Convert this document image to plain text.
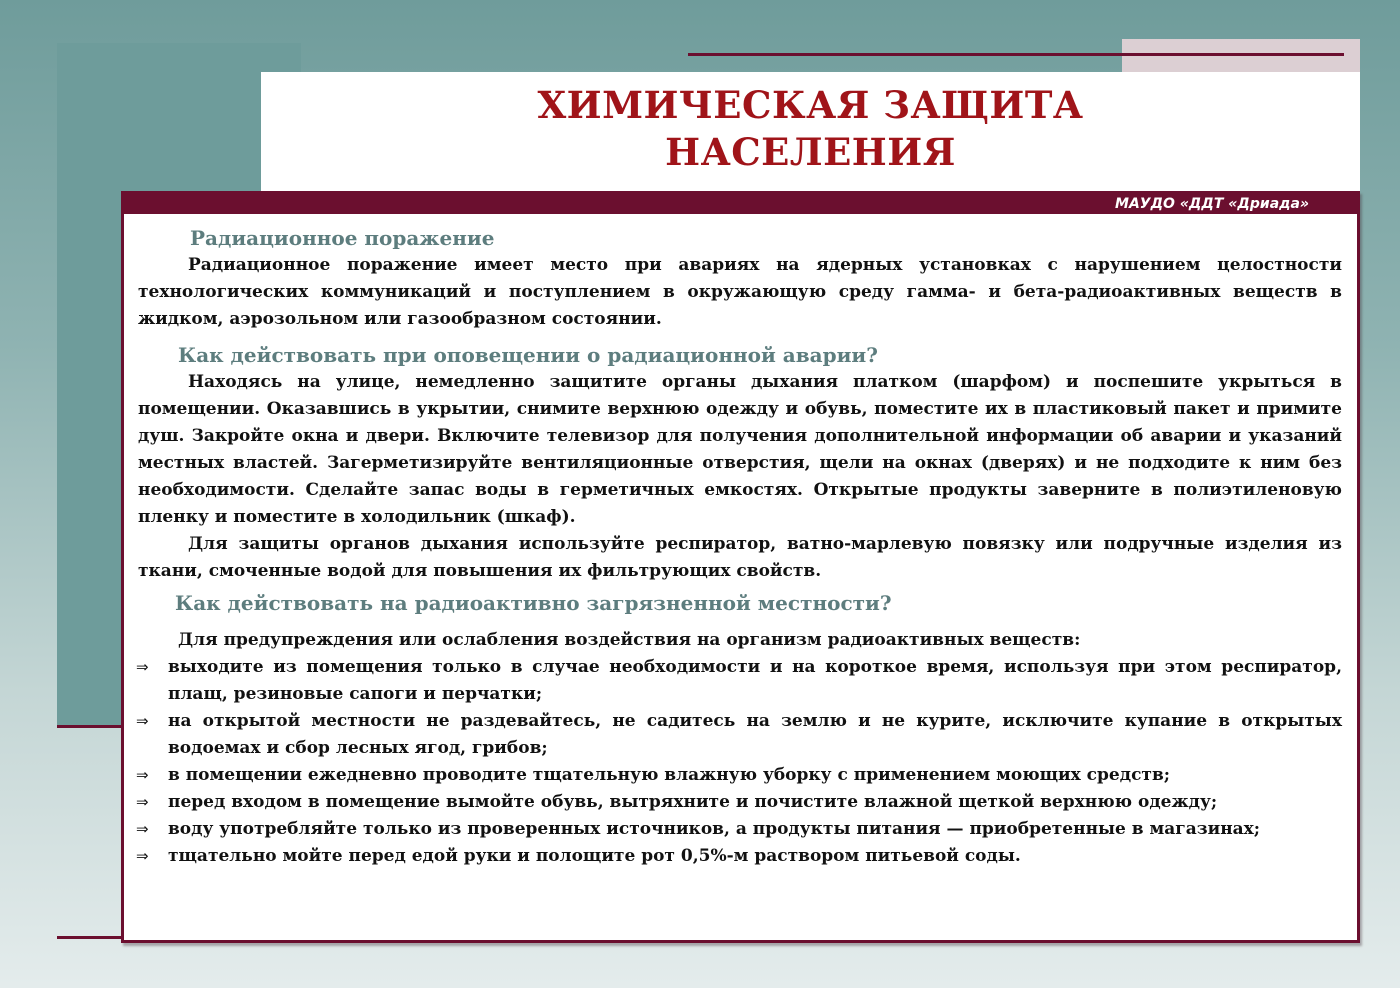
ХИМИЧЕСКАЯ ЗАЩИТА
НАСЕЛЕНИЯ
МАУДО «ДДТ «Дриада»
Радиационное поражение

Радиационное поражение имеет место при авариях на ядерных установках с нарушением целостности технологических коммуникаций и поступлением в окружающую среду гамма- и бета-радиоактивных веществ в жидком, аэрозольном или газообразном состоянии.

Как действовать при оповещении о радиационной аварии?

Находясь на улице, немедленно защитите органы дыхания платком (шарфом) и поспешите укрыться в помещении. Оказавшись в укрытии, снимите верхнюю одежду и обувь, поместите их в пластиковый пакет и примите душ. Закройте окна и двери. Включите телевизор для получения дополнительной информации об аварии и указаний местных властей. Загерметизируйте вентиляционные отверстия, щели на окнах (дверях) и не подходите к ним без необходимости. Сделайте запас воды в герметичных емкостях. Открытые продукты заверните в полиэтиленовую пленку и поместите в холодильник (шкаф).

Для защиты органов дыхания используйте респиратор, ватно-марлевую повязку или подручные изделия из ткани, смоченные водой для повышения их фильтрующих свойств.

Как действовать на радиоактивно загрязненной местности?

Для предупреждения или ослабления воздействия на организм радиоактивных веществ:

⇒ выходите из помещения только в случае необходимости и на короткое время, используя при этом респиратор, плащ, резиновые сапоги и перчатки;
⇒ на открытой местности не раздевайтесь, не садитесь на землю и не курите, исключите купание в открытых водоемах и сбор лесных ягод, грибов;
⇒ в помещении ежедневно проводите тщательную влажную уборку с применением моющих средств;
⇒ перед входом в помещение вымойте обувь, вытряхните и почистите влажной щеткой верхнюю одежду;
⇒ воду употребляйте только из проверенных источников, а продукты питания — приобретенные в магазинах;
⇒ тщательно мойте перед едой руки и полощите рот 0,5%-м раствором питьевой соды.
